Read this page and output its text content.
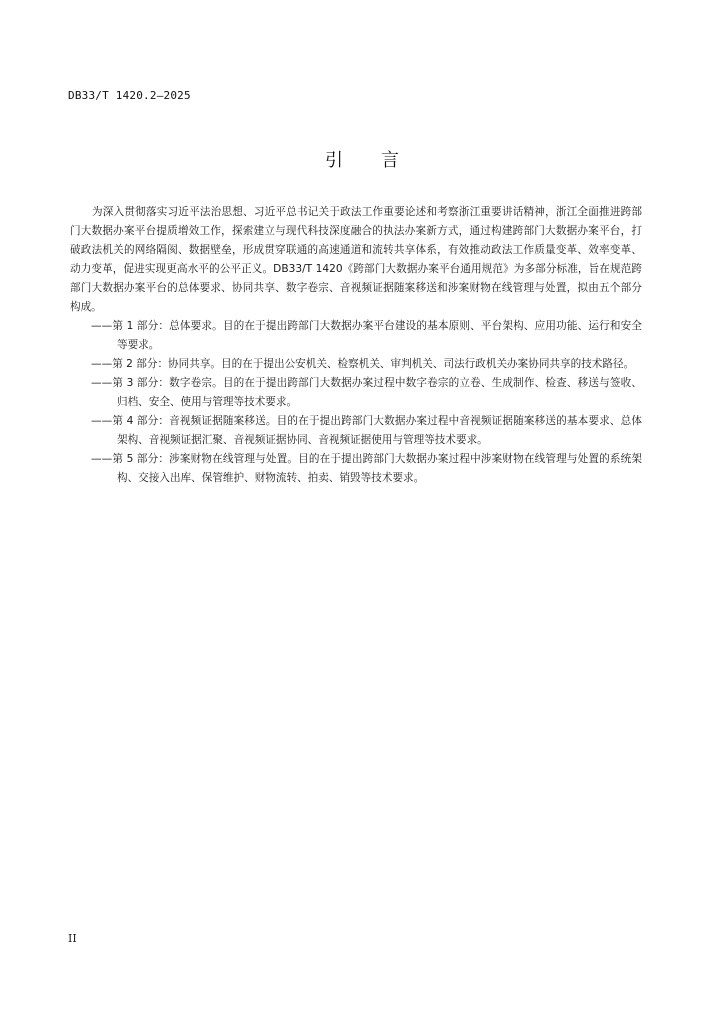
DB33/T 1420.2—2025
引言

为深入贯彻落实习近平法治思想、习近平总书记关于政法工作重要论述和考察浙江重要讲话精神，浙江全面推进跨部门大数据办案平台提质增效工作，探索建立与现代科技深度融合的执法办案新方式，通过构建跨部门大数据办案平台，打破政法机关的网络隔阂、数据壁垒，形成贯穿联通的高速通道和流转共享体系，有效推动政法工作质量变革、效率变革、动力变革，促进实现更高水平的公平正义。DB33/T 1420《跨部门大数据办案平台通用规范》为多部分标准，旨在规范跨部门大数据办案平台的总体要求、协同共享、数字卷宗、音视频证据随案移送和涉案财物在线管理与处置，拟由五个部分构成。

——第 1 部分：总体要求。目的在于提出跨部门大数据办案平台建设的基本原则、平台架构、应用功能、运行和安全等要求。

——第 2 部分：协同共享。目的在于提出公安机关、检察机关、审判机关、司法行政机关办案协同共享的技术路径。

——第 3 部分：数字卷宗。目的在于提出跨部门大数据办案过程中数字卷宗的立卷、生成制作、检查、移送与签收、归档、安全、使用与管理等技术要求。

——第 4 部分：音视频证据随案移送。目的在于提出跨部门大数据办案过程中音视频证据随案移送的基本要求、总体架构、音视频证据汇聚、音视频证据协同、音视频证据使用与管理等技术要求。

——第 5 部分：涉案财物在线管理与处置。目的在于提出跨部门大数据办案过程中涉案财物在线管理与处置的系统架构、交接入出库、保管维护、财物流转、拍卖、销毁等技术要求。

II
